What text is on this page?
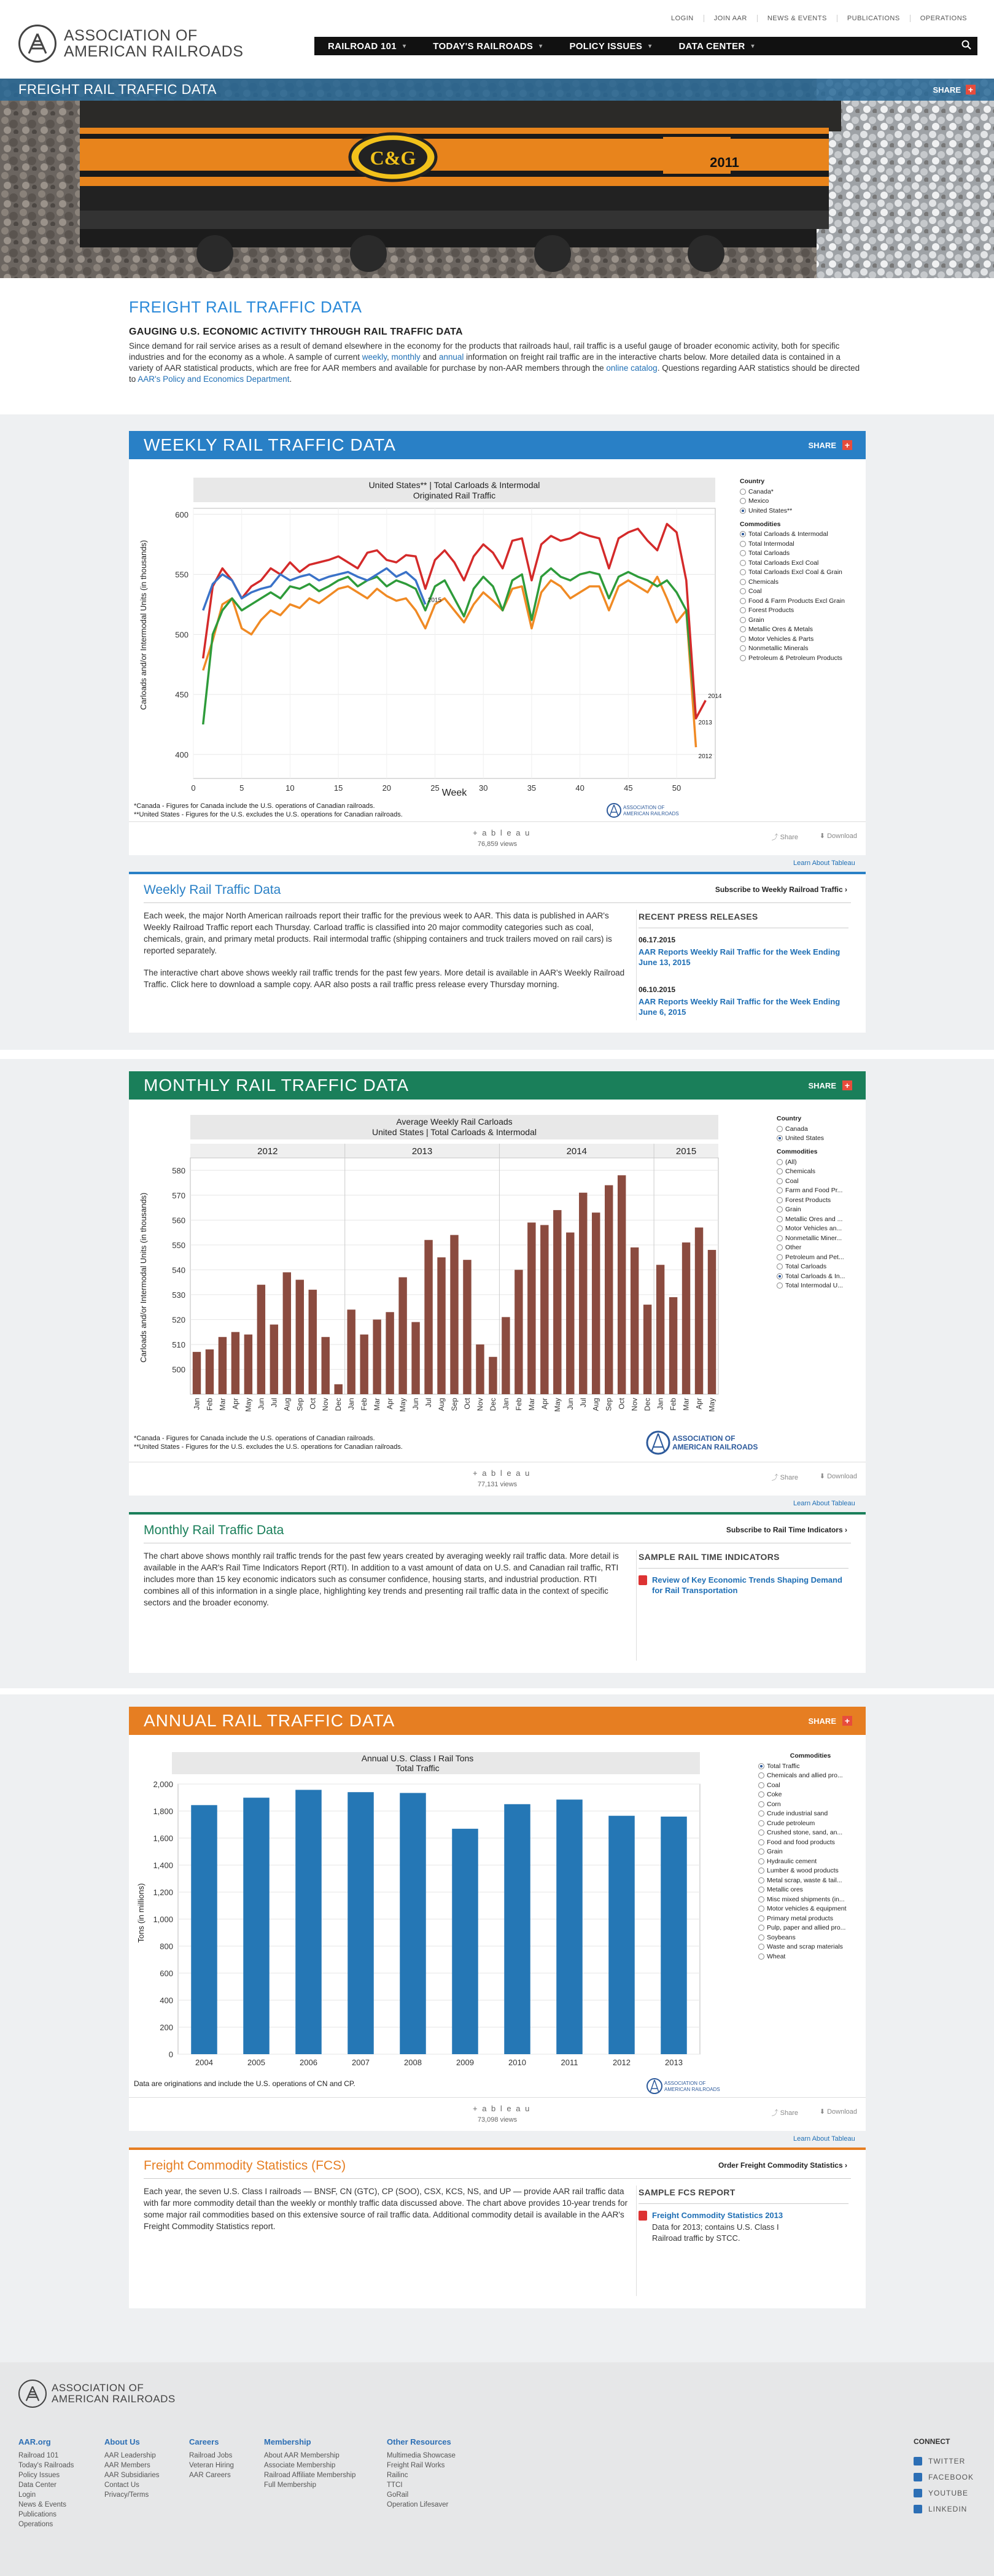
ASSOCIATION OF
AMERICAN RAILROADS
LOGIN	JOIN AAR	NEWS & EVENTS	PUBLICATIONS	OPERATIONS
RAILROAD 101 ▾	TODAY'S RAILROADS ▾	POLICY ISSUES ▾	DATA CENTER ▾
C&G	2011
FREIGHT RAIL TRAFFIC DATA	SHARE +
FREIGHT RAIL TRAFFIC DATA
GAUGING U.S. ECONOMIC ACTIVITY THROUGH RAIL TRAFFIC DATA

Since demand for rail service arises as a result of demand elsewhere in the economy for the products that railroads haul, rail traffic is a useful gauge of broader economic activity, both for specific industries and for the economy as a whole. A sample of current weekly, monthly and annual information on freight rail traffic are in the interactive charts below. More detailed data is contained in a variety of AAR statistical products, which are free for AAR members and available for purchase by non-AAR members through the online catalog. Questions regarding AAR statistics should be directed to AAR's Policy and Economics Department.

WEEKLY RAIL TRAFFIC DATA	SHARE +
United States** | Total Carloads & Intermodal
Originated Rail Traffic
Carloads and/or Intermodal Units (in thousands)
Week
400
450
500
550
600
0	5	10	15	20	25	30	35	40	45	50
2012
2013
2014
2015
*Canada - Figures for Canada include the U.S. operations of Canadian railroads.
**United States - Figures for the U.S. excludes the U.S. operations for Canadian railroads.
ASSOCIATION OF
AMERICAN RAILROADS
Country
Canada*
Mexico
United States**
Commodities
Total Carloads & Intermodal
Total Intermodal
Total Carloads
Total Carloads Excl Coal
Total Carloads Excl Coal & Grain
Chemicals
Coal
Food & Farm Products Excl Grain
Forest Products
Grain
Metallic Ores & Metals
Motor Vehicles & Parts
Nonmetallic Minerals
Petroleum & Petroleum Products
+ a b l e a u
76,859 views
⤴ Share	⬇ Download
Learn About Tableau
Weekly Rail Traffic Data	Subscribe to Weekly Railroad Traffic ›
Each week, the major North American railroads report their traffic for the previous week to AAR. This data is published in AAR's Weekly Railroad Traffic report each Thursday. Carload traffic is classified into 20 major commodity categories such as coal, chemicals, grain, and primary metal products. Rail intermodal traffic (shipping containers and truck trailers moved on rail cars) is reported separately.
The interactive chart above shows weekly rail traffic trends for the past few years. More detail is available in AAR's Weekly Railroad Traffic. Click here to download a sample copy. AAR also posts a rail traffic press release every Thursday morning.
RECENT PRESS RELEASES
06.17.2015
AAR Reports Weekly Rail Traffic for the Week Ending June 13, 2015
06.10.2015
AAR Reports Weekly Rail Traffic for the Week Ending June 6, 2015
MONTHLY RAIL TRAFFIC DATA	SHARE +
Average Weekly Rail Carloads
United States | Total Carloads & Intermodal
Carloads and/or Intermodal Units (in thousands)
500
510
520
530
540
550
560
570
580
2012	2013	2014	2015
Jan Feb Mar Apr May Jun Jul Aug Sep Oct Nov Dec Jan Feb Mar Apr May Jun Jul Aug Sep Oct Nov Dec Jan Feb Mar Apr May Jun Jul Aug Sep Oct Nov Dec Jan Feb Mar Apr May
*Canada - Figures for Canada include the U.S. operations of Canadian railroads.
**United States - Figures for the U.S. excludes the U.S. operations for Canadian railroads.
ASSOCIATION OF
AMERICAN RAILROADS
Country
Canada
United States
Commodities
(All)
Chemicals
Coal
Farm and Food Pr...
Forest Products
Grain
Metallic Ores and ...
Motor Vehicles an...
Nonmetallic Miner...
Other
Petroleum and Pet...
Total Carloads
Total Carloads & In...
Total Intermodal U...
+ a b l e a u
77,131 views
⤴ Share	⬇ Download
Learn About Tableau
Monthly Rail Traffic Data	Subscribe to Rail Time Indicators ›
The chart above shows monthly rail traffic trends for the past few years created by averaging weekly rail traffic data. More detail is available in the AAR's Rail Time Indicators Report (RTI). In addition to a vast amount of data on U.S. and Canadian rail traffic, RTI includes more than 15 key economic indicators such as consumer confidence, housing starts, and industrial production. RTI combines all of this information in a single place, highlighting key trends and presenting rail traffic data in the context of specific sectors and the broader economy.
SAMPLE RAIL TIME INDICATORS
Review of Key Economic Trends Shaping Demand for Rail Transportation
ANNUAL RAIL TRAFFIC DATA	SHARE +
Annual U.S. Class I Rail Tons
Total Traffic
Tons (in millions)
0
200
400
600
800
1,000
1,200
1,400
1,600
1,800
2,000
2004	2005	2006	2007	2008	2009	2010	2011	2012	2013
Data are originations and include the U.S. operations of CN and CP.	ASSOCIATION OF
AMERICAN RAILROADS
Commodities
Total Traffic
Chemicals and allied pro...
Coal
Coke
Corn
Crude industrial sand
Crude petroleum
Crushed stone, sand, an...
Food and food products
Grain
Hydraulic cement
Lumber & wood products
Metal scrap, waste & tail...
Metallic ores
Misc mixed shipments (in...
Motor vehicles & equipment
Primary metal products
Pulp, paper and allied pro...
Soybeans
Waste and scrap materials
Wheat
+ a b l e a u
73,098 views
⤴ Share	⬇ Download
Learn About Tableau
Freight Commodity Statistics (FCS)	Order Freight Commodity Statistics ›
Each year, the seven U.S. Class I railroads — BNSF, CN (GTC), CP (SOO), CSX, KCS, NS, and UP — provide AAR rail traffic data with far more commodity detail than the weekly or monthly traffic data discussed above. The chart above provides 10-year trends for some major rail commodities based on this extensive source of rail traffic data. Additional commodity detail is available in the AAR's Freight Commodity Statistics report.
SAMPLE FCS REPORT
Freight Commodity Statistics 2013
Data for 2013; contains U.S. Class I Railroad traffic by STCC.
ASSOCIATION OF
AMERICAN RAILROADS
AAR.org
Railroad 101
Today's Railroads
Policy Issues
Data Center
Login
News & Events
Publications
Operations
About Us
AAR Leadership
AAR Members
AAR Subsidiaries
Contact Us
Privacy/Terms
Careers
Railroad Jobs
Veteran Hiring
AAR Careers
Membership
About AAR Membership
Associate Membership
Railroad Affiliate Membership
Full Membership
Other Resources
Multimedia Showcase
Freight Rail Works
Railinc
TTCI
GoRail
Operation Lifesaver
CONNECT
TWITTER
FACEBOOK
YOUTUBE
LINKEDIN
